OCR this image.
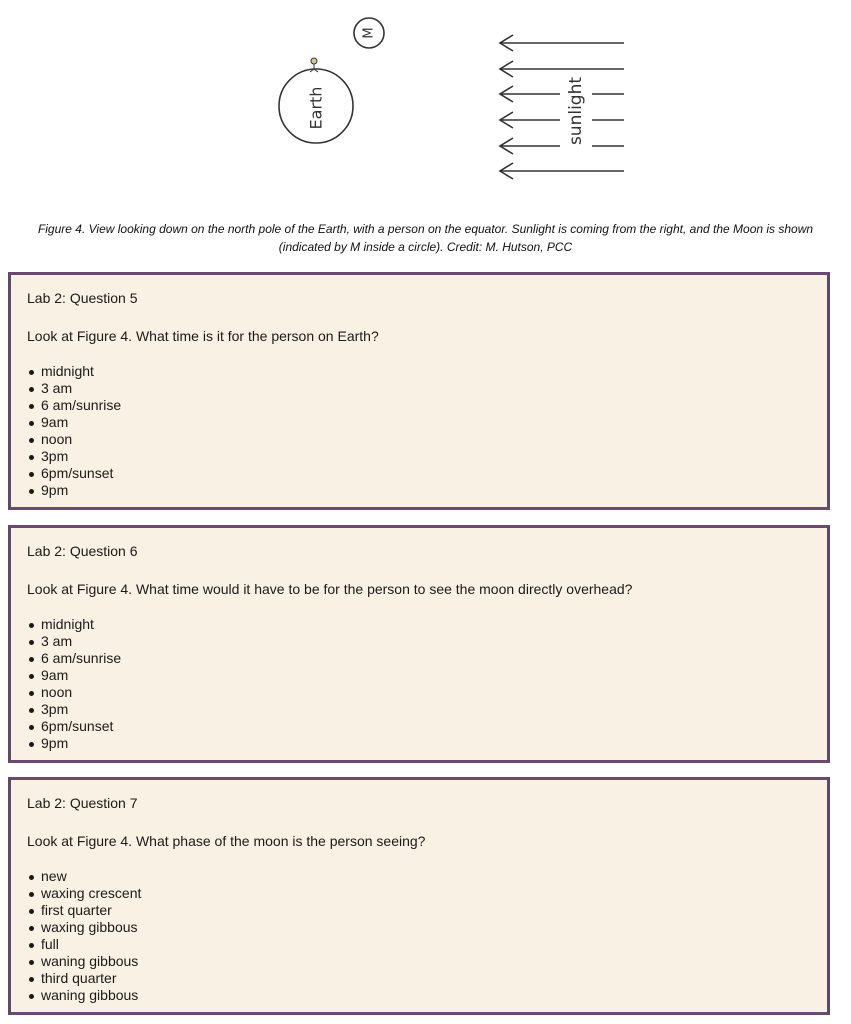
M
Earth	sunlight
Figure 4. View looking down on the north pole of the Earth, with a person on the equator. Sunlight is coming from the right, and the Moon is shown
(indicated by M inside a circle). Credit: M. Hutson, PCC
Lab 2: Question 5
Look at Figure 4. What time is it for the person on Earth?
midnight
3 am
6 am/sunrise
9am
noon
3pm
6pm/sunset
9pm
Lab 2: Question 6
Look at Figure 4. What time would it have to be for the person to see the moon directly overhead?
midnight
3 am
6 am/sunrise
9am
noon
3pm
6pm/sunset
9pm
Lab 2: Question 7
Look at Figure 4. What phase of the moon is the person seeing?
new
waxing crescent
first quarter
waxing gibbous
full
waning gibbous
third quarter
waning gibbous
